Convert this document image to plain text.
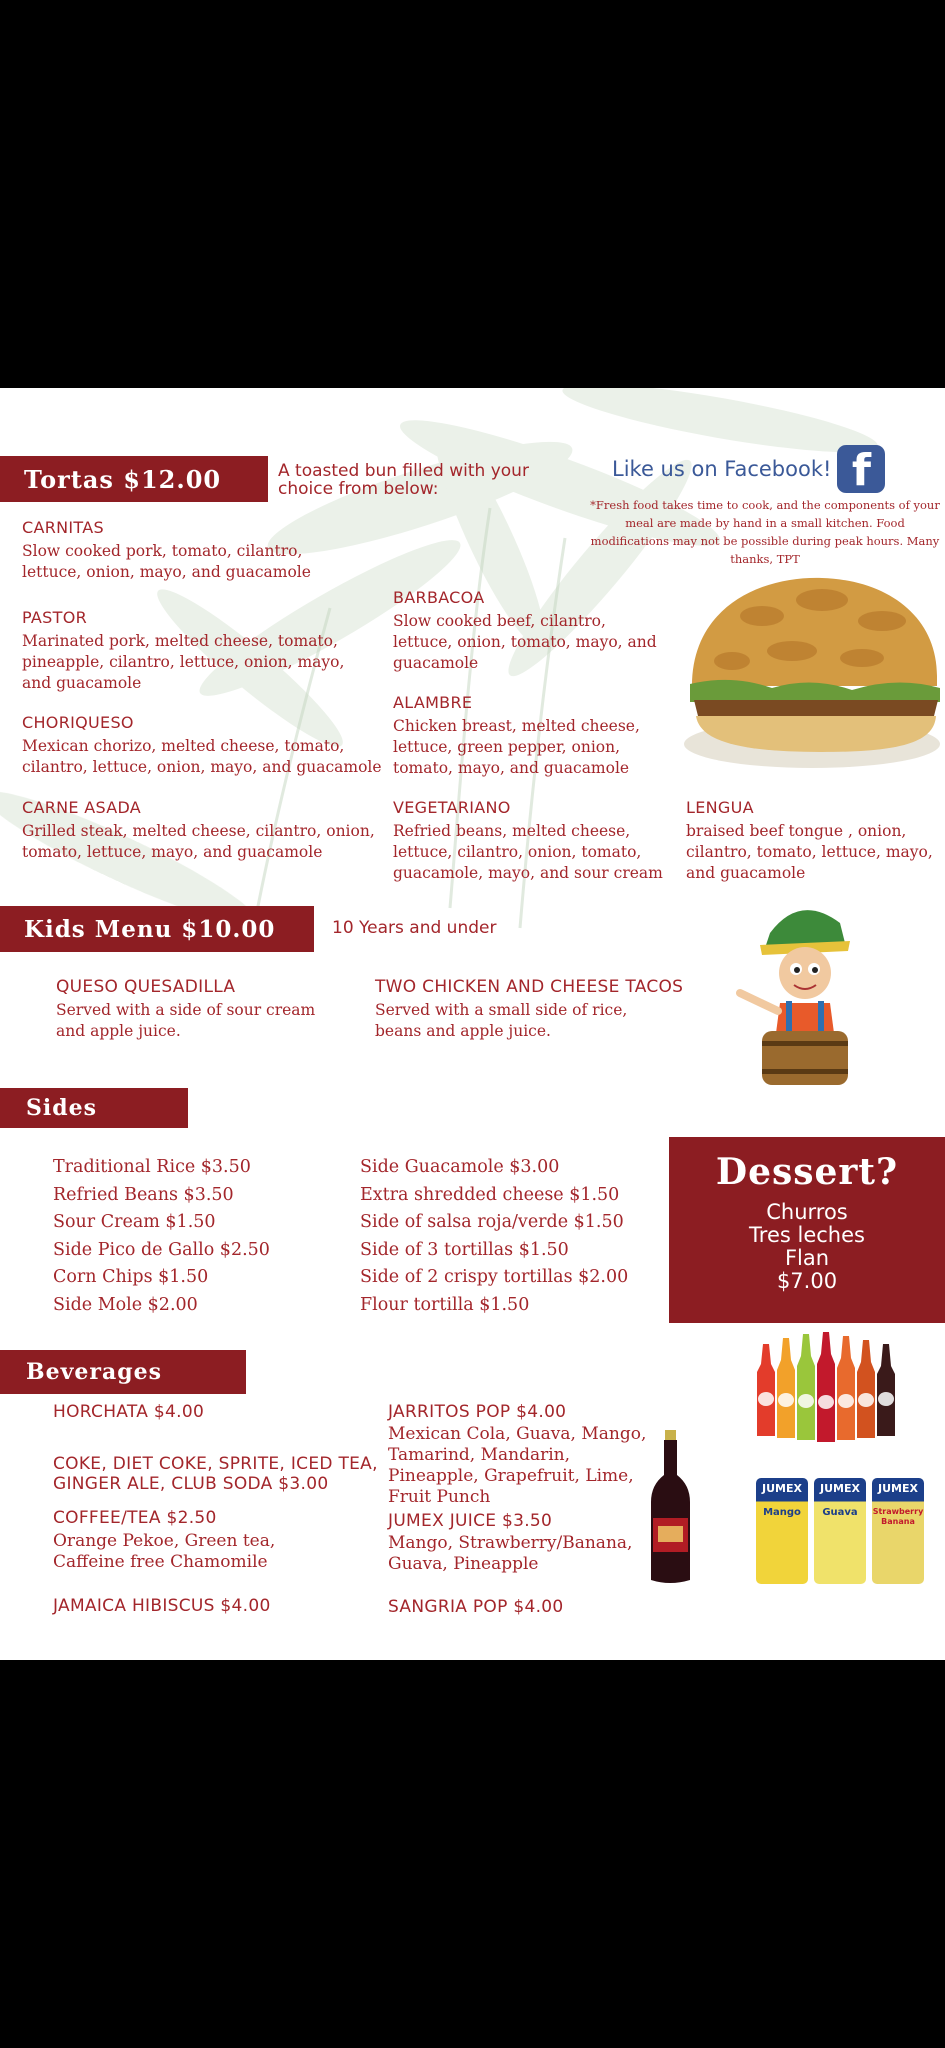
Tortas $12.00	A toasted bun filled with your choice from below:
CARNITAS
Slow cooked pork, tomato, cilantro, lettuce, onion, mayo, and guacamole
PASTOR
Marinated pork, melted cheese, tomato, pineapple, cilantro, lettuce, onion, mayo, and guacamole
CHORIQUESO
Mexican chorizo, melted cheese, tomato, cilantro, lettuce, onion, mayo, and guacamole
CARNE ASADA
Grilled steak, melted cheese, cilantro, onion, tomato, lettuce, mayo, and guacamole
BARBACOA
Slow cooked beef, cilantro, lettuce, onion, tomato, mayo, and guacamole
ALAMBRE
Chicken breast, melted cheese, lettuce, green pepper, onion, tomato, mayo, and guacamole
VEGETARIANO
Refried beans, melted cheese, lettuce, cilantro, onion, tomato, guacamole, mayo, and sour cream
LENGUA
braised beef tongue , onion, cilantro, tomato, lettuce, mayo, and guacamole
Like us on Facebook! f
*Fresh food takes time to cook, and the components of your meal are made by hand in a small kitchen. Food modifications may not be possible during peak hours. Many thanks, TPT
Kids Menu $10.00	10 Years and under
QUESO QUESADILLA
Served with a side of sour cream and apple juice.
TWO CHICKEN AND CHEESE TACOS
Served with a small side of rice, beans and apple juice.
Sides
Traditional Rice $3.50
Refried Beans $3.50
Sour Cream $1.50
Side Pico de Gallo $2.50
Corn Chips $1.50
Side Mole $2.00
Side Guacamole $3.00
Extra shredded cheese $1.50
Side of salsa roja/verde $1.50
Side of 3 tortillas $1.50
Side of 2 crispy tortillas $2.00
Flour tortilla $1.50
Dessert?
Churros
Tres leches
Flan
$7.00
Beverages
HORCHATA $4.00
COKE, DIET COKE, SPRITE, ICED TEA, GINGER ALE, CLUB SODA $3.00
COFFEE/TEA $2.50
Orange Pekoe, Green tea, Caffeine free Chamomile
JAMAICA HIBISCUS $4.00
JARRITOS POP $4.00
Mexican Cola, Guava, Mango, Tamarind, Mandarin, Pineapple, Grapefruit, Lime, Fruit Punch
JUMEX JUICE $3.50
Mango, Strawberry/Banana, Guava, Pineapple
SANGRIA POP $4.00
JUMEX
Mango
JUMEX
Guava
JUMEX
Strawberry Banana
